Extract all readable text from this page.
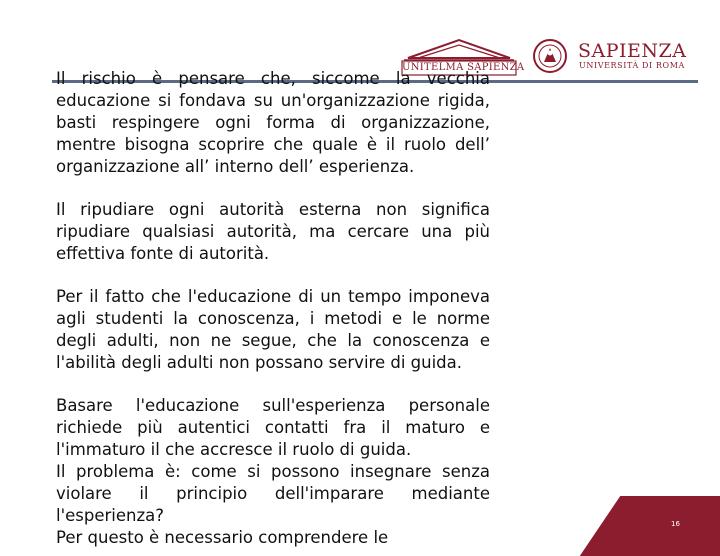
UNITELMA SAPIENZA
SAPIENZA
UNIVERSITÀ DI ROMA

Il rischio è pensare che, siccome la vecchia educazione si fondava su un'organizzazione rigida, basti respingere ogni forma di organizzazione, mentre bisogna scoprire che quale è il ruolo dell’ organizzazione all’ interno dell’ esperienza.

Il ripudiare ogni autorità esterna non significa ripudiare qualsiasi autorità, ma cercare una più effettiva fonte di autorità.

Per il fatto che l'educazione di un tempo imponeva agli studenti la conoscenza, i metodi e le norme degli adulti, non ne segue, che la conoscenza e l'abilità degli adulti non possano servire di guida.

Basare l'educazione sull'esperienza personale richiede più autentici contatti fra il maturo e l'immaturo il che accresce il ruolo di guida.

Il problema è: come si possono insegnare senza violare il principio dell'imparare mediante l'esperienza?

Per questo è necessario comprendere le

16
